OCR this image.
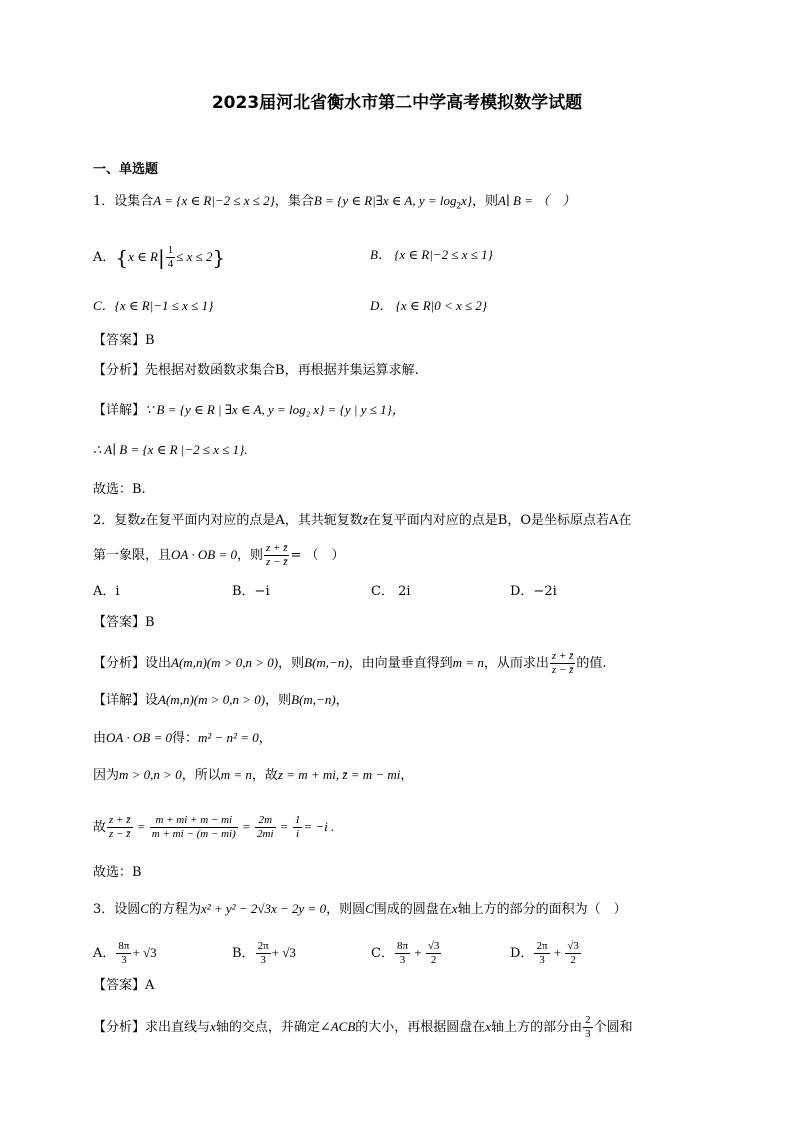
2023届河北省衡水市第二中学高考模拟数学试题
一、单选题
1．设集合A = {x ∈ R|−2 ≤ x ≤ 2}，集合B = {y ∈ R|∃x ∈ A, $y = \log_2x$}，则A∣ B = （　）
A．{x ∈ $R| \frac{1}{4} \le x \le 2$}	B． {x ∈ R|−2 ≤ x ≤ 1}
C．{x ∈ R|−1 ≤ x ≤ 1}	D． {x ∈ R|0 < x ≤ 2}
【答案】B
【分析】先根据对数函数求集合B，再根据并集运算求解.
【详解】∵ B = {y ∈ R | ∃x ∈ A, y = log₂ x} = {y | y ≤ 1}，
∴ A∣ B = {x ∈ R |−2 ≤ x ≤ 1}.
故选：B.
2．复数z在复平面内对应的点是A，其共轭复数z̄在复平面内对应的点是B，O是坐标原点若A在
第一象限，且OA · OB = 0，则 $\frac{z + z̄}{z - z̄}$ = （　）
A．i	B．−i	C． 2i	D．−2i
【答案】B
【分析】设出A(m,n)(m > 0,n > 0)，则B(m,−n)，由向量垂直得到m = n，从而求出 $\frac{z + z̄}{z - z̄}$ 的值.
【详解】设A(m,n)(m > 0,n > 0)，则B(m,−n)，
由OA · OB = 0得：m² − n² = 0，
因为m > 0,n > 0，所以m = n，故z = m + mi, z̄ = m − mi，
故 $\frac{z + z̄}{z - z̄} = \frac{m + mi + m - mi}{m + mi - (m - mi)} = \frac{2m}{2mi} = \frac{1}{i} = -i$ .
故选：B
3．设圆C的方程为x² + y² − 2√3x − 2y = 0，则圆C围成的圆盘在x轴上方的部分的面积为（　）
A． $\frac{8\pi}{3} + √3$	B． $\frac{2\pi}{3} + √3$	C． $\frac{8\pi}{3} + \frac{√3}{2}$	D． $\frac{2\pi}{3} + \frac{√3}{2}$
【答案】A
【分析】求出直线与x轴的交点，并确定∠ACB的大小，再根据圆盘在x轴上方的部分由 $\frac{2}{3}$ 个圆和
